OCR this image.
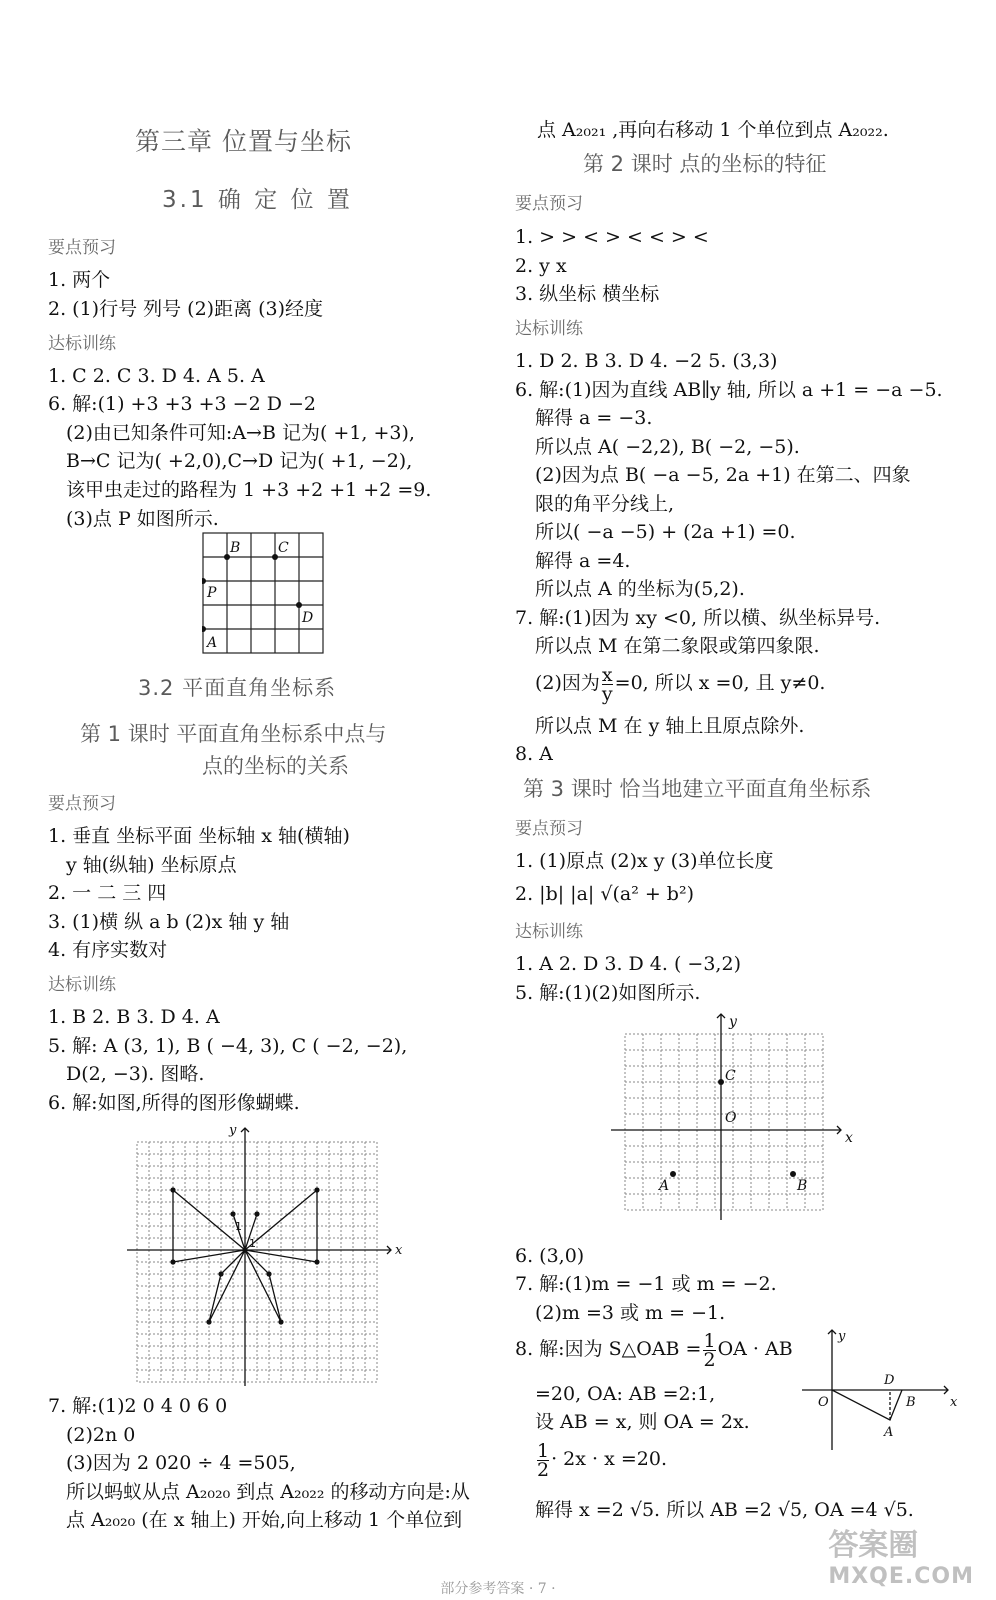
第三章 位置与坐标
3.1 确 定 位 置
要点预习
1. 两个
2. (1)行号 列号 (2)距离 (3)经度
达标训练
1. C 2. C 3. D 4. A 5. A
6. 解:(1) +3 +3 +3 −2 D −2
(2)由已知条件可知:A→B 记为( +1, +3),
B→C 记为( +2,0),C→D 记为( +1, −2),
该甲虫走过的路程为 1 +3 +2 +1 +2 =9.
(3)点 P 如图所示.
B	C
P
D
A
3.2 平面直角坐标系
第 1 课时 平面直角坐标系中点与
点的坐标的关系
要点预习
1. 垂直 坐标平面 坐标轴 x 轴(横轴)
y 轴(纵轴) 坐标原点
2. 一 二 三 四
3. (1)横 纵 a b (2)x 轴 y 轴
4. 有序实数对
达标训练
1. B 2. B 3. D 4. A
5. 解: A (3, 1), B ( −4, 3), C ( −2, −2),
D(2, −3). 图略.
6. 解:如图,所得的图形像蝴蝶.
x
y
1
1
7. 解:(1)2 0 4 0 6 0
(2)2n 0
(3)因为 2 020 ÷ 4 =505,
所以蚂蚁从点 A₂₀₂₀ 到点 A₂₀₂₂ 的移动方向是:从
点 A₂₀₂₀ (在 x 轴上) 开始,向上移动 1 个单位到
点 A₂₀₂₁ ,再向右移动 1 个单位到点 A₂₀₂₂.
第 2 课时 点的坐标的特征
要点预习
1. > > < > < < > <
2. y x
3. 纵坐标 横坐标
达标训练
1. D 2. B 3. D 4. −2 5. (3,3)
6. 解:(1)因为直线 AB∥y 轴, 所以 a +1 = −a −5.
解得 a = −3.
所以点 A( −2,2), B( −2, −5).
(2)因为点 B( −a −5, 2a +1) 在第二、四象
限的角平分线上,
所以( −a −5) + (2a +1) =0.
解得 a =4.
所以点 A 的坐标为(5,2).
7. 解:(1)因为 xy <0, 所以横、纵坐标异号.
所以点 M 在第二象限或第四象限.
(2)因为 $\frac{x}{y} =0$, 所以 x =0, 且 y≠0.
所以点 M 在 y 轴上且原点除外.
8. A
第 3 课时 恰当地建立平面直角坐标系
要点预习
1. (1)原点 (2)x y (3)单位长度
2. |b| |a| √(a² + b²)
达标训练
1. A 2. D 3. D 4. ( −3,2)
5. 解:(1)(2)如图所示.
x
y
O
C
A	B
6. (3,0)
7. 解:(1)m = −1 或 m = −2.
(2)m =3 或 m = −1.
8. 解:因为 S△OAB = $\frac{1}{2}$ OA · AB
=20, OA: AB =2:1,
设 AB = x, 则 OA = 2x.
$\frac{1}{2} \cdot 2x \cdot x =20$.
解得 x =2 √5. 所以 AB =2 √5, OA =4 √5.
y
x
O
D
B
A
部分参考答案 · 7 ·
答案圈
MXQE.COM
